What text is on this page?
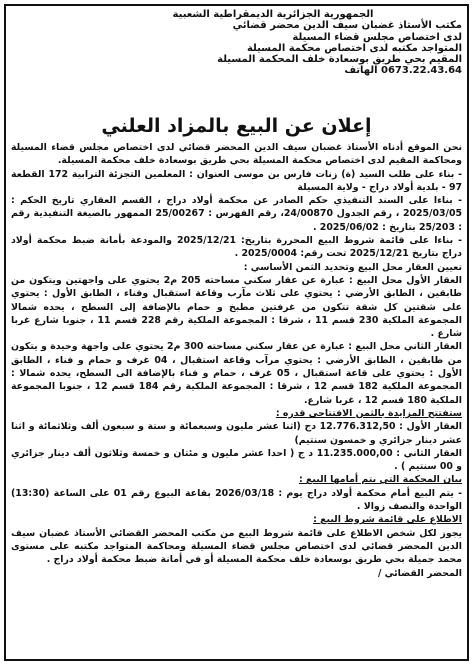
الجمهورية الجزائرية الديمقراطية الشعبية
مكتب الأستاذ غضبان سيف الدين محضر قضائي
لدى اختصاص مجلس قضاء المسيلة
المتواجد مكتبه لدى اختصاص محكمة المسيلة
المقيم بحي طريق بوسعادة خلف المحكمة المسيلة
0673.22.43.64 الهاتف
إعلان عن البيع بالمزاد العلني

نحن الموقع أدناه الأستاذ غضبان سيف الدين المحضر قضائي لدى اختصاص مجلس قضاء المسيلة ومحاكمة المقيم لدى اختصاص محكمة المسيلة بحي طريق بوسعادة خلف محكمة المسيلة.

- بناء على طلب السيد (ة) زنات فارس بن موسى العنوان : المعلمين التجزئة الترابية 172 القطعة 97 - بلدية أولاد دراج - ولاية المسيلة

- بناءا على السند التنفيذي حكم الصادر عن محكمة أولاد دراج ، القسم العقاري تاريخ الحكم : 2025/03/05 ، رقم الجدول 24/00870، رقم الفهرس : 25/00267 الممهور بالصيغة التنفيذية رقم : 25/203 بتاريخ : 2025/06/02 .

- بناءا على قائمة شروط البيع المحررة بتاريخ: 2025/12/21 والمودعة بأمانة ضبط محكمة أولاد دراج بتاريخ 2025/12/21 تحت رقم: 2025/0004 .

تعيين العقار محل البيع وتحديد الثمن الأساسي :

العقار الأول محل البيع : عبارة عن عقار سكني مساحته 205 م2 يحتوي على واجهتين ويتكون من طابقين ، الطابق الأرضي : يحتوي على ثلاث مآرب وقاعة استقبال وفناء ، الطابق الأول : يحتوي على شقتين كل شقة تتكون من غرفتين مطبخ و حمام بالإضافة إلى السطح ، يحده شمالا المجموعة الملكية 230 قسم 11 ، شرقا : المجموعة الملكية رقم 228 قسم 11 ، جنوبا شارع غربا شارع .

العقار الثاني محل البيع : عبارة عن عقار سكني مساحته 300 م2 يحتوي على واجهة وحيدة و يتكون من طابقين ، الطابق الأرضي : يحتوي مرآب وقاعة استقبال ، 04 غرف و حمام و فناء ، الطابق الأول : يحتوي على قاعة استقبال ، 05 غرف ، حمام و فناء بالإضافة الى السطح، يحده شمالا : المجموعة الملكية 182 قسم 12 ، شرقا : المجموعة الملكية رقم 184 قسم 12 ، جنوبا المجموعة الملكية 180 قسم 12 ، غربا شارع.

ستفتتح المزايدة بالثمن الافتتاحي قدره :

العقار الأول : 12.776.312,50 دج (اثنا عشر مليون وسبعمائة و ستة و سبعون ألف وثلاثمائة و اثنا عشر دينار جزائري و خمسون سنتيم)

العقار الثاني : 11.235.000,00 د ج ( احدا عشر مليون و مئتان و خمسة وثلاثون ألف دينار جزائري و 00 سنتيم ) .

بيان المحكمة التي يتم أمامها البيع :

- يتم البيع أمام محكمة أولاد دراج يوم : 2026/03/18 بقاعة البيوع رقم 01 على الساعة (13:30) الواحدة والنصف زوالا .

الاطلاع على قائمة شروط البيع :

يجوز لكل شخص الاطلاع على قائمة شروط البيع من مكتب المحضر القضائي الأستاذ غضبان سيف الدين المحضر قضائي لدى اختصاص مجلس قضاء المسيلة ومحاكمة المتواجد مكتبه على مستوى محمد جميلة بحي طريق بوسعادة خلف محكمة المسيلة أو في أمانة ضبط محكمة أولاد دراج .

المحضر القضائي /
